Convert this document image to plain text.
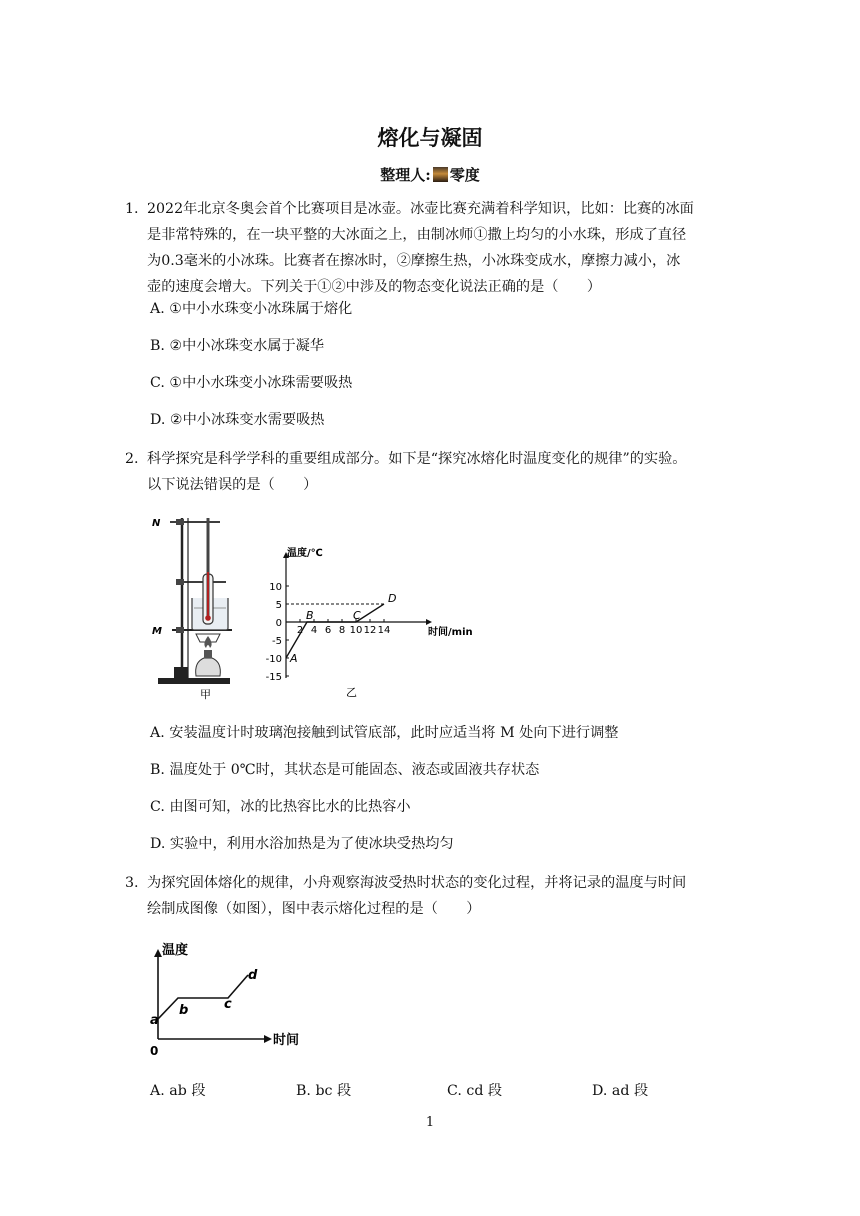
熔化与凝固
整理人: 零度
1. 2022年北京冬奥会首个比赛项目是冰壶。冰壶比赛充满着科学知识，比如：比赛的冰面
是非常特殊的，在一块平整的大冰面之上，由制冰师①撒上均匀的小水珠，形成了直径
为0.3毫米的小冰珠。比赛者在擦冰时，②摩擦生热，小冰珠变成水，摩擦力减小，冰
壶的速度会增大。下列关于①②中涉及的物态变化说法正确的是（　　）
A. ①中小水珠变小冰珠属于熔化
B. ②中小冰珠变水属于凝华
C. ①中小水珠变小冰珠需要吸热
D. ②中小冰珠变水需要吸热
2. 科学探究是科学学科的重要组成部分。如下是“探究冰熔化时温度变化的规律”的实验。
以下说法错误的是（　　）
N
M
甲
温度/℃
时间/min
2 4 6 8 10 12 14
10
5
0
-5
-10
-15
A
B	C
D
乙
A. 安装温度计时玻璃泡接触到试管底部，此时应适当将 M 处向下进行调整
B. 温度处于 0℃时，其状态是可能固态、液态或固液共存状态
C. 由图可知，冰的比热容比水的比热容小
D. 实验中，利用水浴加热是为了使冰块受热均匀
3. 为探究固体熔化的规律，小舟观察海波受热时状态的变化过程，并将记录的温度与时间
绘制成图像（如图），图中表示熔化过程的是（　　）
温度
时间
0
a
b	c
d
A. ab 段	B. bc 段	C. cd 段	D. ad 段
1
